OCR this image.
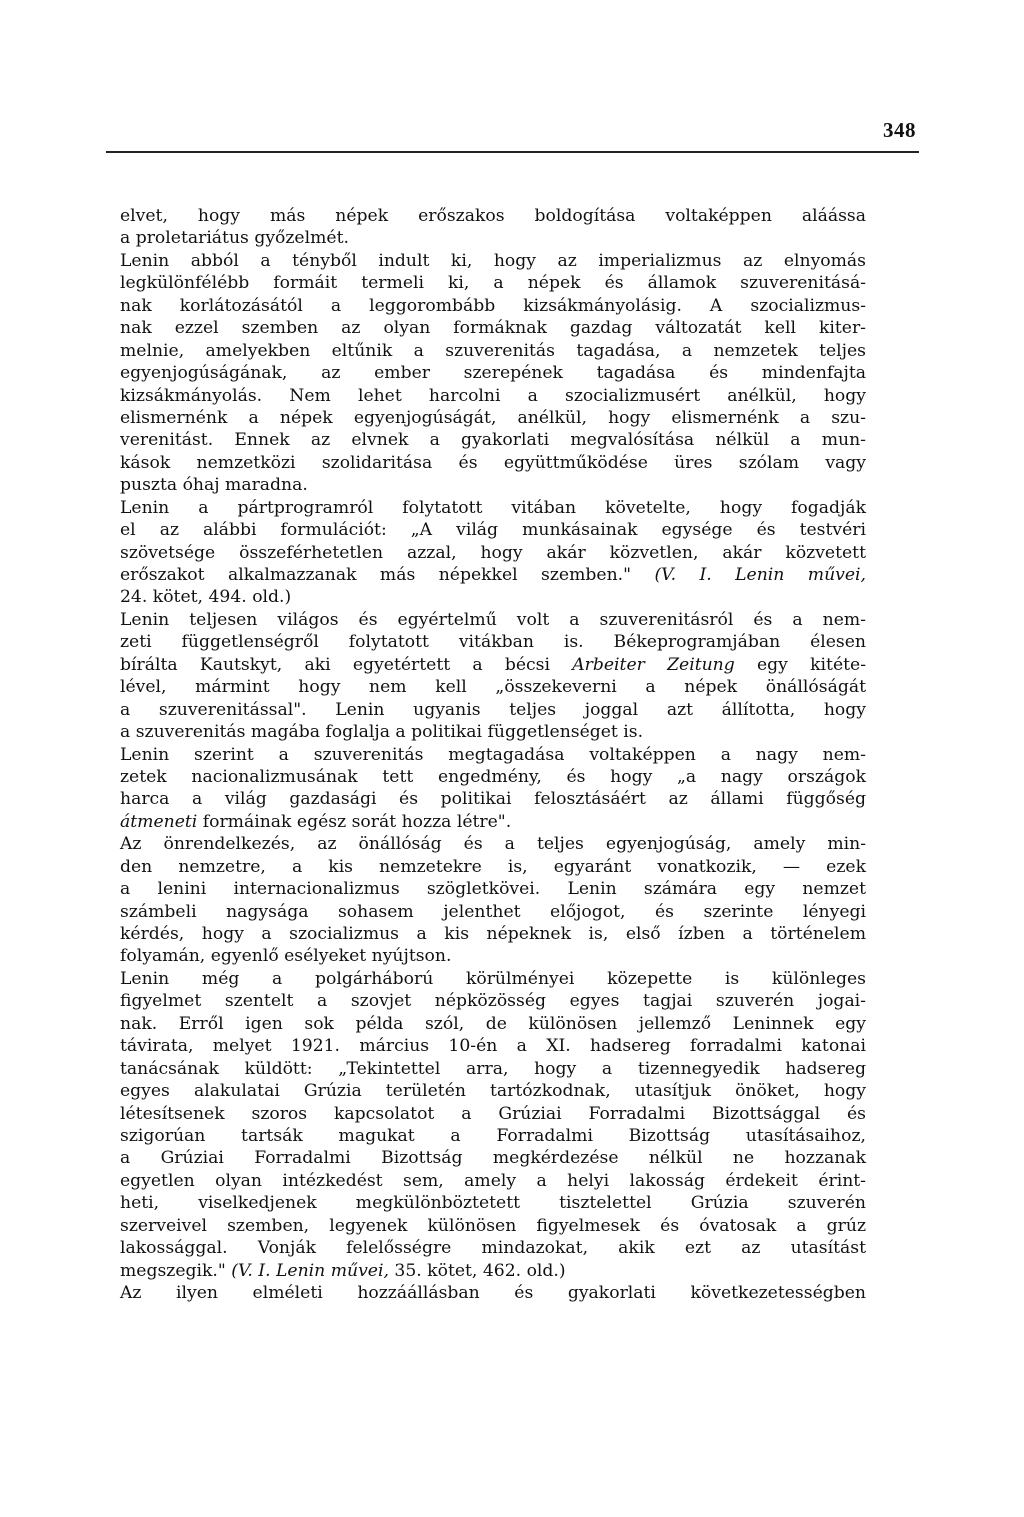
348
elvet, hogy más népek erőszakos boldogítása voltaképpen aláássa
a proletariátus győzelmét.
Lenin abból a tényből indult ki, hogy az imperializmus az elnyomás
legkülönfélébb formáit termeli ki, a népek és államok szuverenitásá-
nak korlátozásától a leggorombább kizsákmányolásig. A szocializmus-
nak ezzel szemben az olyan formáknak gazdag változatát kell kiter-
melnie, amelyekben eltűnik a szuverenitás tagadása, a nemzetek teljes
egyenjogúságának, az ember szerepének tagadása és mindenfajta
kizsákmányolás. Nem lehet harcolni a szocializmusért anélkül, hogy
elismernénk a népek egyenjogúságát, anélkül, hogy elismernénk a szu-
verenitást. Ennek az elvnek a gyakorlati megvalósítása nélkül a mun-
kások nemzetközi szolidaritása és együttműködése üres szólam vagy
puszta óhaj maradna.
Lenin a pártprogramról folytatott vitában követelte, hogy fogadják
el az alábbi formulációt: „A világ munkásainak egysége és testvéri
szövetsége összeférhetetlen azzal, hogy akár közvetlen, akár közvetett
erőszakot alkalmazzanak más népekkel szemben." (V. I. Lenin művei,
24. kötet, 494. old.)
Lenin teljesen világos és egyértelmű volt a szuverenitásról és a nem-
zeti függetlenségről folytatott vitákban is. Békeprogramjában élesen
bírálta Kautskyt, aki egyetértett a bécsi Arbeiter Zeitung egy kitéte-
lével, mármint hogy nem kell „összekeverni a népek önállóságát
a szuverenitással". Lenin ugyanis teljes joggal azt állította, hogy
a szuverenitás magába foglalja a politikai függetlenséget is.
Lenin szerint a szuverenitás megtagadása voltaképpen a nagy nem-
zetek nacionalizmusának tett engedmény, és hogy „a nagy országok
harca a világ gazdasági és politikai felosztásáért az állami függőség
átmeneti formáinak egész sorát hozza létre".
Az önrendelkezés, az önállóság és a teljes egyenjogúság, amely min-
den nemzetre, a kis nemzetekre is, egyaránt vonatkozik, — ezek
a lenini internacionalizmus szögletkövei. Lenin számára egy nemzet
számbeli nagysága sohasem jelenthet előjogot, és szerinte lényegi
kérdés, hogy a szocializmus a kis népeknek is, első ízben a történelem
folyamán, egyenlő esélyeket nyújtson.
Lenin még a polgárháború körülményei közepette is különleges
figyelmet szentelt a szovjet népközösség egyes tagjai szuverén jogai-
nak. Erről igen sok példa szól, de különösen jellemző Leninnek egy
távirata, melyet 1921. március 10-én a XI. hadsereg forradalmi katonai
tanácsának küldött: „Tekintettel arra, hogy a tizennegyedik hadsereg
egyes alakulatai Grúzia területén tartózkodnak, utasítjuk önöket, hogy
létesítsenek szoros kapcsolatot a Grúziai Forradalmi Bizottsággal és
szigorúan tartsák magukat a Forradalmi Bizottság utasításaihoz,
a Grúziai Forradalmi Bizottság megkérdezése nélkül ne hozzanak
egyetlen olyan intézkedést sem, amely a helyi lakosság érdekeit érint-
heti, viselkedjenek megkülönböztetett tisztelettel Grúzia szuverén
szerveivel szemben, legyenek különösen figyelmesek és óvatosak a grúz
lakossággal. Vonják felelősségre mindazokat, akik ezt az utasítást
megszegik." (V. I. Lenin művei, 35. kötet, 462. old.)
Az ilyen elméleti hozzáállásban és gyakorlati következetességben
